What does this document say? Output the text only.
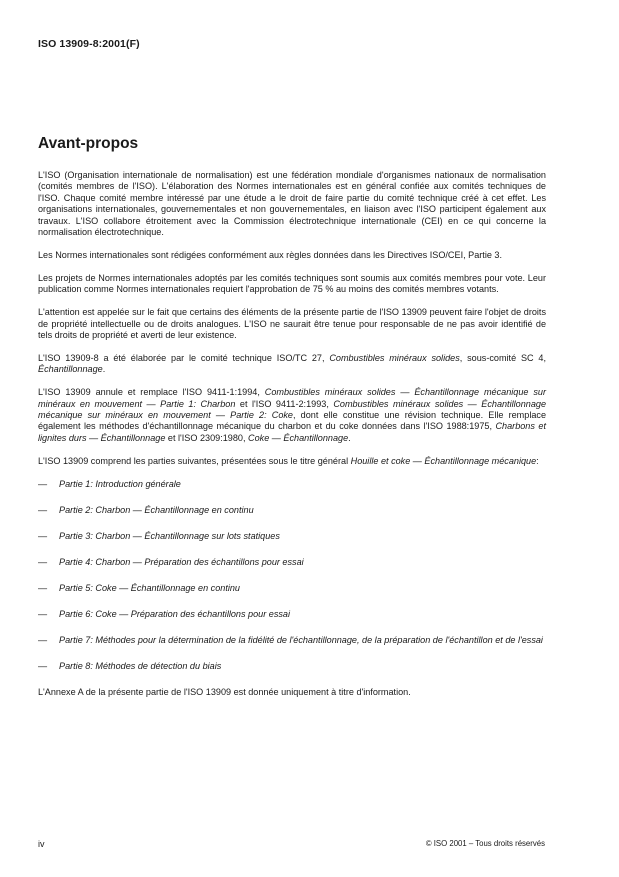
ISO 13909-8:2001(F)
Avant-propos

L'ISO (Organisation internationale de normalisation) est une fédération mondiale d'organismes nationaux de normalisation (comités membres de l'ISO). L'élaboration des Normes internationales est en général confiée aux comités techniques de l'ISO. Chaque comité membre intéressé par une étude a le droit de faire partie du comité technique créé à cet effet. Les organisations internationales, gouvernementales et non gouvernementales, en liaison avec l'ISO participent également aux travaux. L'ISO collabore étroitement avec la Commission électrotechnique internationale (CEI) en ce qui concerne la normalisation électrotechnique.

Les Normes internationales sont rédigées conformément aux règles données dans les Directives ISO/CEI, Partie 3.

Les projets de Normes internationales adoptés par les comités techniques sont soumis aux comités membres pour vote. Leur publication comme Normes internationales requiert l'approbation de 75 % au moins des comités membres votants.

L'attention est appelée sur le fait que certains des éléments de la présente partie de l'ISO 13909 peuvent faire l'objet de droits de propriété intellectuelle ou de droits analogues. L'ISO ne saurait être tenue pour responsable de ne pas avoir identifié de tels droits de propriété et averti de leur existence.

L'ISO 13909-8 a été élaborée par le comité technique ISO/TC 27, Combustibles minéraux solides, sous-comité SC 4, Échantillonnage.

L'ISO 13909 annule et remplace l'ISO 9411-1:1994, Combustibles minéraux solides — Échantillonnage mécanique sur minéraux en mouvement — Partie 1: Charbon et l'ISO 9411-2:1993, Combustibles minéraux solides — Échantillonnage mécanique sur minéraux en mouvement — Partie 2: Coke, dont elle constitue une révision technique. Elle remplace également les méthodes d'échantillonnage mécanique du charbon et du coke données dans l'ISO 1988:1975, Charbons et lignites durs — Échantillonnage et l'ISO 2309:1980, Coke — Échantillonnage.

L'ISO 13909 comprend les parties suivantes, présentées sous le titre général Houille et coke — Échantillonnage mécanique:

— Partie 1: Introduction générale
— Partie 2: Charbon — Échantillonnage en continu
— Partie 3: Charbon — Échantillonnage sur lots statiques
— Partie 4: Charbon — Préparation des échantillons pour essai
— Partie 5: Coke — Échantillonnage en continu
— Partie 6: Coke — Préparation des échantillons pour essai
— Partie 7: Méthodes pour la détermination de la fidélité de l'échantillonnage, de la préparation de l'échantillon et de l'essai
— Partie 8: Méthodes de détection du biais

L'Annexe A de la présente partie de l'ISO 13909 est donnée uniquement à titre d'information.

iv	© ISO 2001 – Tous droits réservés
